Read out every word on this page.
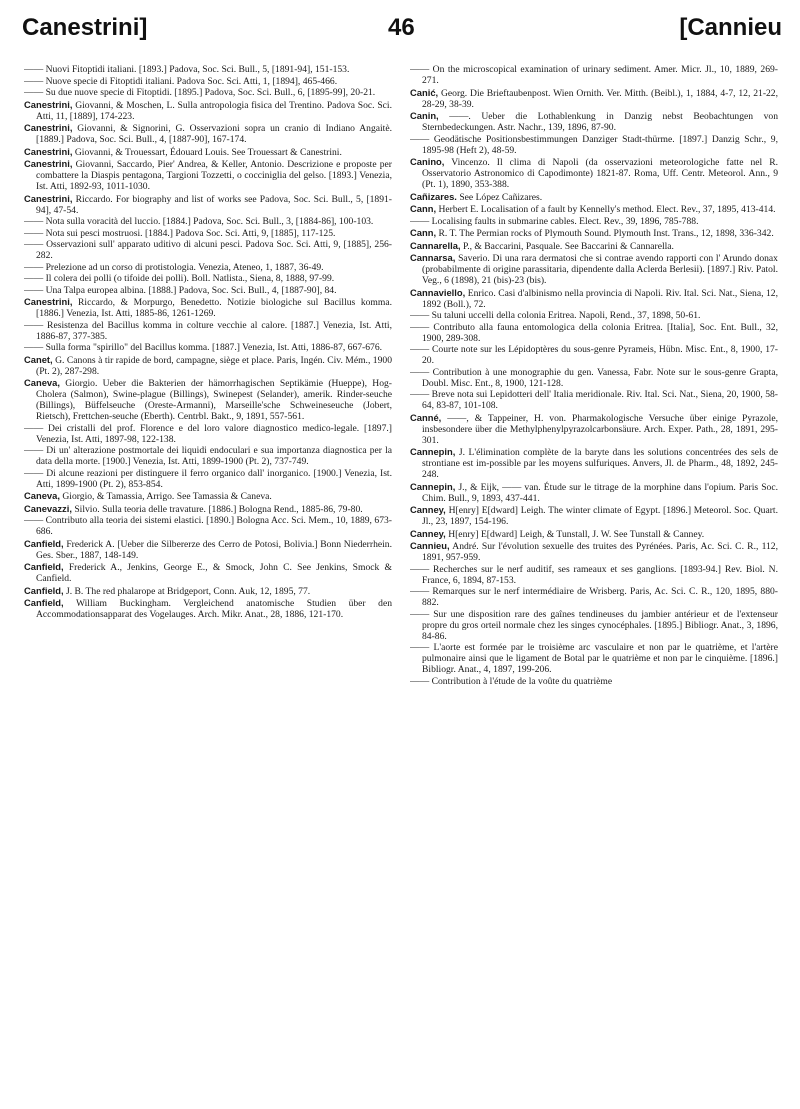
Canestrini]	46	[Cannieu

—— Nuovi Fitoptidi italiani. [1893.] Padova, Soc. Sci. Bull., 5, [1891-94], 151-153.

—— Nuove specie di Fitoptidi italiani. Padova Soc. Sci. Atti, 1, [1894], 465-466.

—— Su due nuove specie di Fitoptidi. [1895.] Padova, Soc. Sci. Bull., 6, [1895-99], 20-21.

Canestrini, Giovanni, & Moschen, L. Sulla antropologia fisica del Trentino. Padova Soc. Sci. Atti, 11, [1889], 174-223.

Canestrini, Giovanni, & Signorini, G. Osservazioni sopra un cranio di Indiano Angaitè. [1889.] Padova, Soc. Sci. Bull., 4, [1887-90], 167-174.

Canestrini, Giovanni, & Trouessart, Édouard Louis. See Trouessart & Canestrini.

Canestrini, Giovanni, Saccardo, Pier' Andrea, & Keller, Antonio. Descrizione e proposte per combattere la Diaspis pentagona, Targioni Tozzetti, o cocciniglia del gelso. [1893.] Venezia, Ist. Atti, 1892-93, 1011-1030.

Canestrini, Riccardo. For biography and list of works see Padova, Soc. Sci. Bull., 5, [1891-94], 47-54.

—— Nota sulla voracità del luccio. [1884.] Padova, Soc. Sci. Bull., 3, [1884-86], 100-103.

—— Nota sui pesci mostruosi. [1884.] Padova Soc. Sci. Atti, 9, [1885], 117-125.

—— Osservazioni sull' apparato uditivo di alcuni pesci. Padova Soc. Sci. Atti, 9, [1885], 256-282.

—— Prelezione ad un corso di protistologia. Venezia, Ateneo, 1, 1887, 36-49.

—— Il colera dei polli (o tifoide dei polli). Boll. Natlista., Siena, 8, 1888, 97-99.

—— Una Talpa europea albina. [1888.] Padova, Soc. Sci. Bull., 4, [1887-90], 84.

Canestrini, Riccardo, & Morpurgo, Benedetto. Notizie biologiche sul Bacillus komma. [1886.] Venezia, Ist. Atti, 1885-86, 1261-1269.

—— Resistenza del Bacillus komma in colture vecchie al calore. [1887.] Venezia, Ist. Atti, 1886-87, 377-385.

—— Sulla forma "spirillo" del Bacillus komma. [1887.] Venezia, Ist. Atti, 1886-87, 667-676.

Canet, G. Canons à tir rapide de bord, campagne, siège et place. Paris, Ingén. Civ. Mém., 1900 (Pt. 2), 287-298.

Caneva, Giorgio. Ueber die Bakterien der hämorrhagischen Septikämie (Hueppe), Hog-Cholera (Salmon), Swine-plague (Billings), Swinepest (Selander), amerik. Rinder-seuche (Billings), Büffelseuche (Oreste-Armanni), Marseille'sche Schweineseuche (Jobert, Rietsch), Frettchen-seuche (Eberth). Centrbl. Bakt., 9, 1891, 557-561.

—— Dei cristalli del prof. Florence e del loro valore diagnostico medico-legale. [1897.] Venezia, Ist. Atti, 1897-98, 122-138.

—— Di un' alterazione postmortale dei liquidi endoculari e sua importanza diagnostica per la data della morte. [1900.] Venezia, Ist. Atti, 1899-1900 (Pt. 2), 737-749.

—— Di alcune reazioni per distinguere il ferro organico dall' inorganico. [1900.] Venezia, Ist. Atti, 1899-1900 (Pt. 2), 853-854.

Caneva, Giorgio, & Tamassia, Arrigo. See Tamassia & Caneva.

Canevazzi, Silvio. Sulla teoria delle travature. [1886.] Bologna Rend., 1885-86, 79-80.

—— Contributo alla teoria dei sistemi elastici. [1890.] Bologna Acc. Sci. Mem., 10, 1889, 673-686.

Canfield, Frederick A. [Ueber die Silbererze des Cerro de Potosi, Bolivia.] Bonn Niederrhein. Ges. Sber., 1887, 148-149.

Canfield, Frederick A., Jenkins, George E., & Smock, John C. See Jenkins, Smock & Canfield.

Canfield, J. B. The red phalarope at Bridgeport, Conn. Auk, 12, 1895, 77.

Canfield, William Buckingham. Vergleichend anatomische Studien über den Accommodationsapparat des Vogelauges. Arch. Mikr. Anat., 28, 1886, 121-170.

—— On the microscopical examination of urinary sediment. Amer. Micr. Jl., 10, 1889, 269-271.

Canić, Georg. Die Brieftaubenpost. Wien Ornith. Ver. Mitth. (Beibl.), 1, 1884, 4-7, 12, 21-22, 28-29, 38-39.

Canin, ——. Ueber die Lothablenkung in Danzig nebst Beobachtungen von Sternbedeckungen. Astr. Nachr., 139, 1896, 87-90.

—— Geodätische Positionsbestimmungen Danziger Stadt-thürme. [1897.] Danzig Schr., 9, 1895-98 (Heft 2), 48-59.

Canino, Vincenzo. Il clima di Napoli (da osservazioni meteorologiche fatte nel R. Osservatorio Astronomico di Capodimonte) 1821-87. Roma, Uff. Centr. Meteorol. Ann., 9 (Pt. 1), 1890, 353-388.

Cañizares. See López Cañizares.

Cann, Herbert E. Localisation of a fault by Kennelly's method. Elect. Rev., 37, 1895, 413-414.

—— Localising faults in submarine cables. Elect. Rev., 39, 1896, 785-788.

Cann, R. T. The Permian rocks of Plymouth Sound. Plymouth Inst. Trans., 12, 1898, 336-342.

Cannarella, P., & Baccarini, Pasquale. See Baccarini & Cannarella.

Cannarsa, Saverio. Di una rara dermatosi che si contrae avendo rapporti con l' Arundo donax (probabilmente di origine parassitaria, dipendente dalla Aclerda Berlesii). [1897.] Riv. Patol. Veg., 6 (1898), 21 (bis)-23 (bis).

Cannaviello, Enrico. Casi d'albinismo nella provincia di Napoli. Riv. Ital. Sci. Nat., Siena, 12, 1892 (Boll.), 72.

—— Su taluni uccelli della colonia Eritrea. Napoli, Rend., 37, 1898, 50-61.

—— Contributo alla fauna entomologica della colonia Eritrea. [Italia], Soc. Ent. Bull., 32, 1900, 289-308.

—— Courte note sur les Lépidoptères du sous-genre Pyrameis, Hübn. Misc. Ent., 8, 1900, 17-20.

—— Contribution à une monographie du gen. Vanessa, Fabr. Note sur le sous-genre Grapta, Doubl. Misc. Ent., 8, 1900, 121-128.

—— Breve nota sui Lepidotteri dell' Italia meridionale. Riv. Ital. Sci. Nat., Siena, 20, 1900, 58-64, 83-87, 101-108.

Canné, ——, & Tappeiner, H. von. Pharmakologische Versuche über einige Pyrazole, insbesondere über die Methylphenylpyrazolcarbonsäure. Arch. Exper. Path., 28, 1891, 295-301.

Cannepin, J. L'élimination complète de la baryte dans les solutions concentrées des sels de strontiane est im-possible par les moyens sulfuriques. Anvers, Jl. de Pharm., 48, 1892, 245-248.

Cannepin, J., & Eijk, —— van. Étude sur le titrage de la morphine dans l'opium. Paris Soc. Chim. Bull., 9, 1893, 437-441.

Canney, H[enry] E[dward] Leigh. The winter climate of Egypt. [1896.] Meteorol. Soc. Quart. Jl., 23, 1897, 154-196.

Canney, H[enry] E[dward] Leigh, & Tunstall, J. W. See Tunstall & Canney.

Cannieu, André. Sur l'évolution sexuelle des truites des Pyrénées. Paris, Ac. Sci. C. R., 112, 1891, 957-959.

—— Recherches sur le nerf auditif, ses rameaux et ses ganglions. [1893-94.] Rev. Biol. N. France, 6, 1894, 87-153.

—— Remarques sur le nerf intermédiaire de Wrisberg. Paris, Ac. Sci. C. R., 120, 1895, 880-882.

—— Sur une disposition rare des gaînes tendineuses du jambier antérieur et de l'extenseur propre du gros orteil normale chez les singes cynocéphales. [1895.] Bibliogr. Anat., 3, 1896, 84-86.

—— L'aorte est formée par le troisième arc vasculaire et non par le quatrième, et l'artère pulmonaire ainsi que le ligament de Botal par le quatrième et non par le cinquième. [1896.] Bibliogr. Anat., 4, 1897, 199-206.

—— Contribution à l'étude de la voûte du quatrième
